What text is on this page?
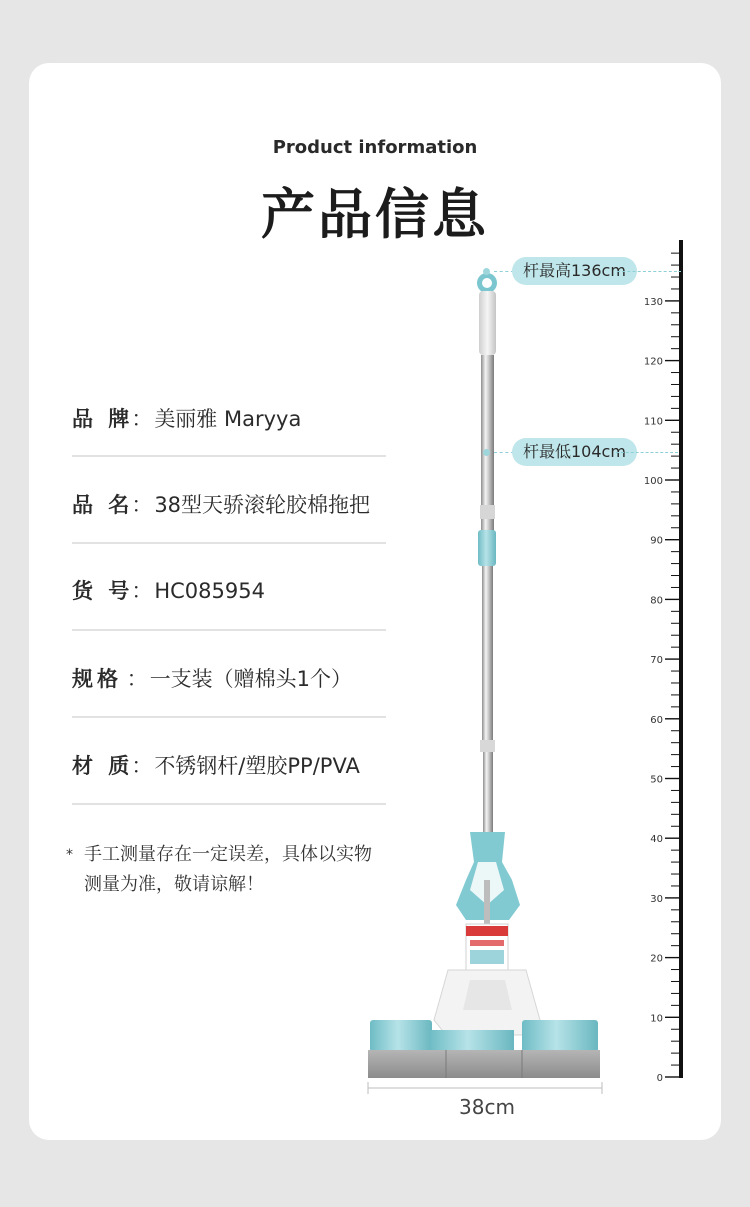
Product information
产品信息
品 牌：美丽雅 Maryya
品 名：38型天骄滚轮胶棉拖把
货 号：HC085954
规格 ：一支装（赠棉头1个）
材 质：不锈钢杆/塑胶PP/PVA
* 手工测量存在一定误差，具体以实物
测量为准，敬请谅解！
130
120
110
100
90
80
70
60
50
40
30
20
10
0
杆最高136cm
杆最低104cm
38cm
